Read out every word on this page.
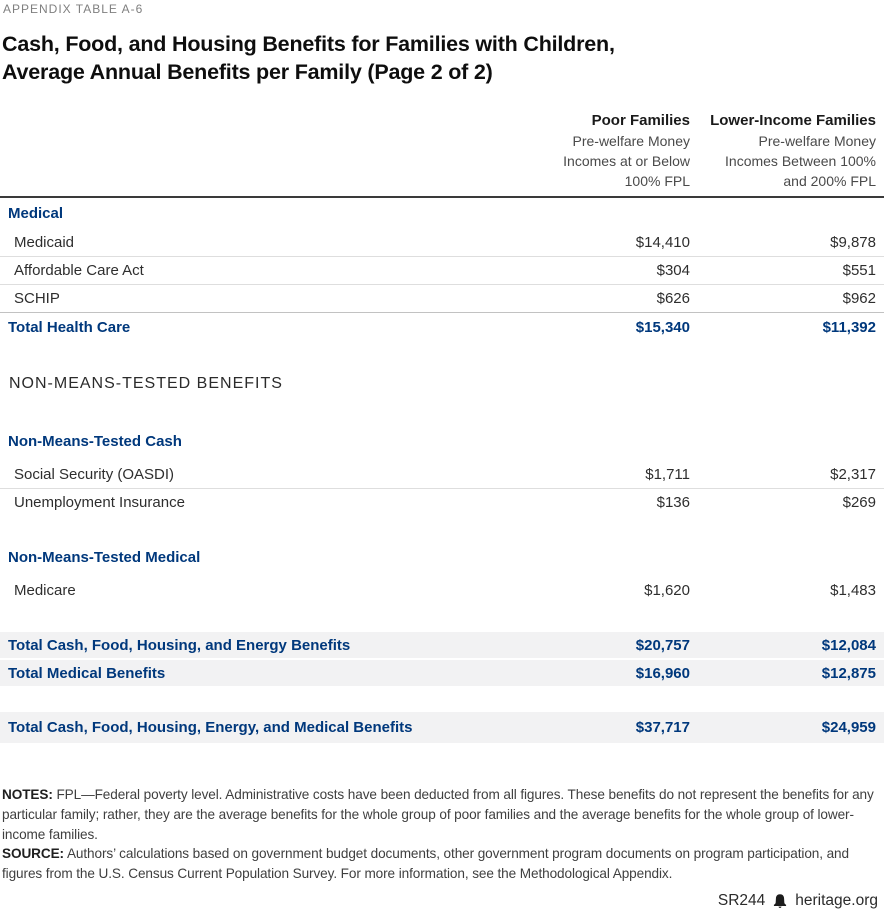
APPENDIX TABLE A-6
Cash, Food, and Housing Benefits for Families with Children,
Average Annual Benefits per Family (Page 2 of 2)
Poor Families
Pre-welfare Money
Incomes at or Below
100% FPL
Lower-Income Families
Pre-welfare Money
Incomes Between 100%
and 200% FPL
Medical
Medicaid	$14,410	$9,878
Affordable Care Act	$304	$551
SCHIP	$626	$962
Total Health Care	$15,340	$11,392
NON-MEANS-TESTED BENEFITS
Non-Means-Tested Cash
Social Security (OASDI)	$1,711	$2,317
Unemployment Insurance	$136	$269
Non-Means-Tested Medical
Medicare	$1,620	$1,483
Total Cash, Food, Housing, and Energy Benefits	$20,757	$12,084
Total Medical Benefits	$16,960	$12,875
Total Cash, Food, Housing, Energy, and Medical Benefits	$37,717	$24,959
NOTES: FPL—Federal poverty level. Administrative costs have been deducted from all figures. These benefits do not represent the benefits for any particular family; rather, they are the average benefits for the whole group of poor families and the average benefits for the whole group of lower-income families.
SOURCE: Authors’ calculations based on government budget documents, other government program documents on program participation, and figures from the U.S. Census Current Population Survey. For more information, see the Methodological Appendix.
SR244 heritage.org
